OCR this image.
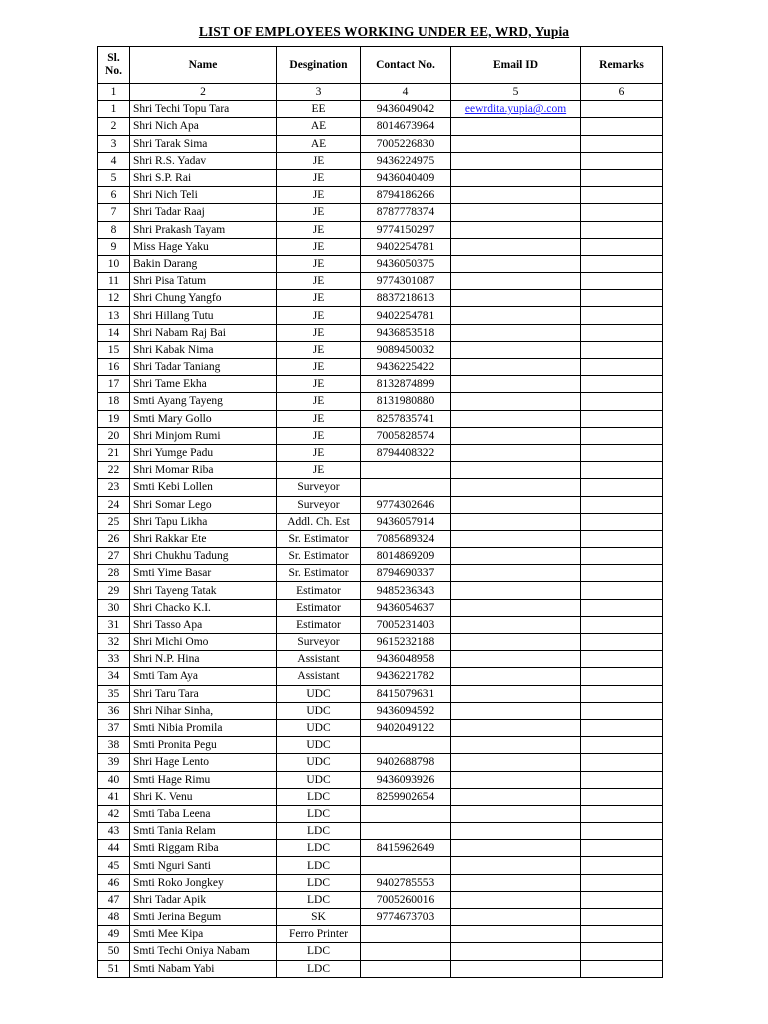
LIST OF EMPLOYEES WORKING UNDER EE, WRD, Yupia
Sl. No.	Name	Desgination	Contact No.	Email ID	Remarks
1	2	3	4	5	6
1	Shri Techi Topu Tara	EE	9436049042	eewrdita.yupia@.com	
2	Shri Nich Apa	AE	8014673964		
3	Shri Tarak Sima	AE	7005226830		
4	Shri R.S. Yadav	JE	9436224975		
5	Shri S.P. Rai	JE	9436040409		
6	Shri Nich Teli	JE	8794186266		
7	Shri Tadar Raaj	JE	8787778374		
8	Shri Prakash Tayam	JE	9774150297		
9	Miss Hage Yaku	JE	9402254781		
10	Bakin Darang	JE	9436050375		
11	Shri Pisa Tatum	JE	9774301087		
12	Shri Chung Yangfo	JE	8837218613		
13	Shri Hillang Tutu	JE	9402254781		
14	Shri Nabam Raj Bai	JE	9436853518		
15	Shri Kabak Nima	JE	9089450032		
16	Shri Tadar Taniang	JE	9436225422		
17	Shri Tame Ekha	JE	8132874899		
18	Smti Ayang Tayeng	JE	8131980880		
19	Smti Mary Gollo	JE	8257835741		
20	Shri Minjom Rumi	JE	7005828574		
21	Shri Yumge Padu	JE	8794408322		
22	Shri Momar Riba	JE			
23	Smti Kebi Lollen	Surveyor			
24	Shri Somar Lego	Surveyor	9774302646		
25	Shri Tapu Likha	Addl. Ch. Est	9436057914		
26	Shri Rakkar Ete	Sr. Estimator	7085689324		
27	Shri Chukhu Tadung	Sr. Estimator	8014869209		
28	Smti Yime Basar	Sr. Estimator	8794690337		
29	Shri Tayeng Tatak	Estimator	9485236343		
30	Shri Chacko K.I.	Estimator	9436054637		
31	Shri Tasso Apa	Estimator	7005231403		
32	Shri Michi Omo	Surveyor	9615232188		
33	Shri N.P. Hina	Assistant	9436048958		
34	Smti Tam Aya	Assistant	9436221782		
35	Shri Taru Tara	UDC	8415079631		
36	Shri Nihar Sinha,	UDC	9436094592		
37	Smti Nibia Promila	UDC	9402049122		
38	Smti Pronita Pegu	UDC			
39	Shri Hage Lento	UDC	9402688798		
40	Smti Hage Rimu	UDC	9436093926		
41	Shri K. Venu	LDC	8259902654		
42	Smti Taba Leena	LDC			
43	Smti Tania Relam	LDC			
44	Smti Riggam Riba	LDC	8415962649		
45	Smti Nguri Santi	LDC			
46	Smti Roko Jongkey	LDC	9402785553		
47	Shri Tadar Apik	LDC	7005260016		
48	Smti Jerina Begum	SK	9774673703		
49	Smti Mee Kipa	Ferro Printer			
50	Smti Techi Oniya Nabam	LDC			
51	Smti Nabam Yabi	LDC			
